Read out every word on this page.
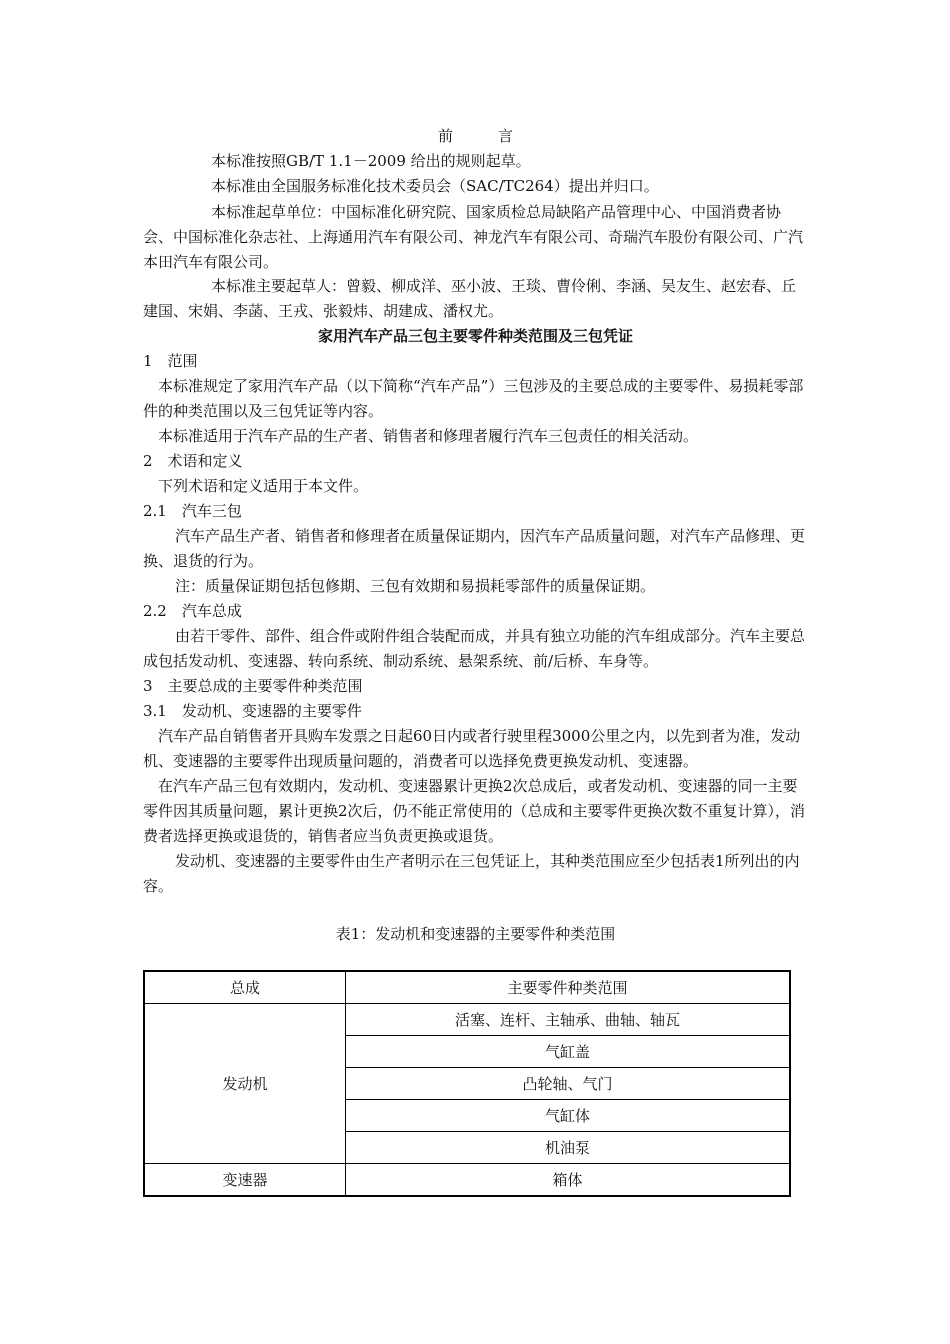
前　　　言

本标准按照GB/T 1.1－2009 给出的规则起草。

本标准由全国服务标准化技术委员会（SAC/TC264）提出并归口。

本标准起草单位：中国标准化研究院、国家质检总局缺陷产品管理中心、中国消费者协会、中国标准化杂志社、上海通用汽车有限公司、神龙汽车有限公司、奇瑞汽车股份有限公司、广汽本田汽车有限公司。

本标准主要起草人：曾毅、柳成洋、巫小波、王琰、曹伶俐、李涵、吴友生、赵宏春、丘建国、宋娟、李菡、王戎、张毅炜、胡建成、潘权尤。

家用汽车产品三包主要零件种类范围及三包凭证

1　范围

本标准规定了家用汽车产品（以下简称“汽车产品”）三包涉及的主要总成的主要零件、易损耗零部件的种类范围以及三包凭证等内容。

本标准适用于汽车产品的生产者、销售者和修理者履行汽车三包责任的相关活动。

2　术语和定义

下列术语和定义适用于本文件。

2.1　汽车三包

汽车产品生产者、销售者和修理者在质量保证期内，因汽车产品质量问题，对汽车产品修理、更换、退货的行为。

注：质量保证期包括包修期、三包有效期和易损耗零部件的质量保证期。

2.2　汽车总成

由若干零件、部件、组合件或附件组合装配而成，并具有独立功能的汽车组成部分。汽车主要总成包括发动机、变速器、转向系统、制动系统、悬架系统、前/后桥、车身等。

3　主要总成的主要零件种类范围

3.1　发动机、变速器的主要零件

汽车产品自销售者开具购车发票之日起60日内或者行驶里程3000公里之内，以先到者为准，发动机、变速器的主要零件出现质量问题的，消费者可以选择免费更换发动机、变速器。

在汽车产品三包有效期内，发动机、变速器累计更换2次总成后，或者发动机、变速器的同一主要零件因其质量问题，累计更换2次后，仍不能正常使用的（总成和主要零件更换次数不重复计算），消费者选择更换或退货的，销售者应当负责更换或退货。

发动机、变速器的主要零件由生产者明示在三包凭证上，其种类范围应至少包括表1所列出的内容。

表1：发动机和变速器的主要零件种类范围

总成	主要零件种类范围
发动机	活塞、连杆、主轴承、曲轴、轴瓦
	气缸盖
	凸轮轴、气门
	气缸体
	机油泵
变速器	箱体
